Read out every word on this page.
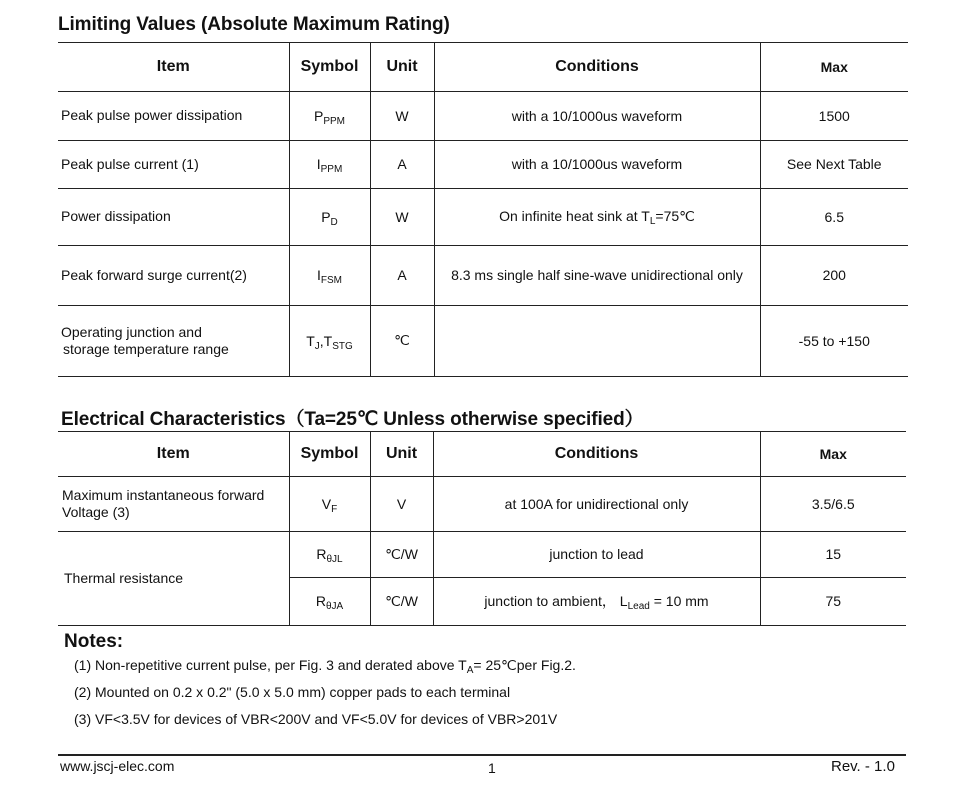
Limiting Values (Absolute Maximum Rating)
Item	Symbol	Unit	Conditions	Max
Peak pulse power dissipation	$P_{PPM}$	W	with a 10/1000us waveform	1500
Peak pulse current (1)	$I_{PPM}$	A	with a 10/1000us waveform	See Next Table
Power dissipation	$P_D$	W	On infinite heat sink at $T_L=75℃$	6.5
Peak forward surge current(2)	$I_{FSM}$	A	8.3 ms single half sine-wave unidirectional only	200

Operating junction and
storage temperature range	$T_J,T_{STG}$	℃		-55 to +150
Electrical Characteristics（Ta=25℃ Unless otherwise specified）
Item	Symbol	Unit	Conditions	Max

Maximum instantaneous forward
Voltage (3)	$V_F$	V	at 100A for unidirectional only	3.5/6.5
Thermal resistance	$R_{\theta JL}$	℃/W	junction to lead	15
	$R_{\theta JA}$	℃/W	junction to ambient， $L_{Lead} = 10$ mm	75
Notes:
(1) Non-repetitive current pulse, per Fig. 3 and derated above $T_A=$ 25℃per Fig.2.
(2) Mounted on 0.2 x 0.2" (5.0 x 5.0 mm) copper pads to each terminal
(3) VF<3.5V for devices of VBR<200V and VF<5.0V for devices of VBR>201V
www.jscj-elec.com	1	Rev. - 1.0
